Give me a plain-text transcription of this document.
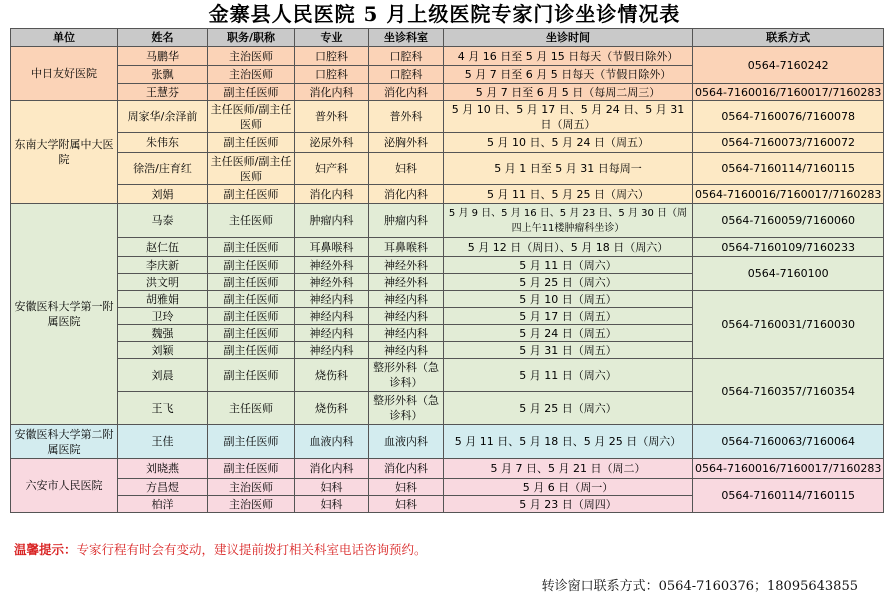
金寨县人民医院 5 月上级医院专家门诊坐诊情况表
单位	姓名	职务/职称	专业	坐诊科室	坐诊时间	联系方式
中日友好医院	马鹏华	主治医师	口腔科	口腔科	4 月 16 日至 5 月 15 日每天（节假日除外）	0564-7160242
	张飘	主治医师	口腔科	口腔科	5 月 7 日至 6 月 5 日每天（节假日除外）	
	王慧芬	副主任医师	消化内科	消化内科	5 月 7 日至 6 月 5 日（每周二周三）	0564-7160016/7160017/7160283
东南大学附属中大医院	周家华/余泽前	主任医师/副主任医师	普外科	普外科	5 月 10 日、5 月 17 日、5 月 24 日、5 月 31 日（周五）	0564-7160076/7160078
	朱伟东	副主任医师	泌尿外科	泌胸外科	5 月 10 日、5 月 24 日（周五）	0564-7160073/7160072
	徐浩/庄育红	主任医师/副主任医师	妇产科	妇科	5 月 1 日至 5 月 31 日每周一	0564-7160114/7160115
	刘娟	副主任医师	消化内科	消化内科	5 月 11 日、5 月 25 日（周六）	0564-7160016/7160017/7160283
安徽医科大学第一附属医院	马泰	主任医师	肿瘤内科	肿瘤内科	5 月 9 日、5 月 16 日、5 月 23 日、5 月 30 日（周四上午11楼肿瘤科坐诊）	0564-7160059/7160060
	赵仁伍	副主任医师	耳鼻喉科	耳鼻喉科	5 月 12 日（周日）、5 月 18 日（周六）	0564-7160109/7160233
	李庆新	副主任医师	神经外科	神经外科	5 月 11 日（周六）	0564-7160100
	洪文明	副主任医师	神经外科	神经外科	5 月 25 日（周六）	
	胡雅娟	副主任医师	神经内科	神经内科	5 月 10 日（周五）	0564-7160031/7160030
	卫玲	副主任医师	神经内科	神经内科	5 月 17 日（周五）	
	魏强	副主任医师	神经内科	神经内科	5 月 24 日（周五）	
	刘颖	副主任医师	神经内科	神经内科	5 月 31 日（周五）	
	刘晨	副主任医师	烧伤科	整形外科（急诊科）	5 月 11 日（周六）	0564-7160357/7160354
	王飞	主任医师	烧伤科	整形外科（急诊科）	5 月 25 日（周六）	
安徽医科大学第二附属医院	王佳	副主任医师	血液内科	血液内科	5 月 11 日、5 月 18 日、5 月 25 日（周六）	0564-7160063/7160064
六安市人民医院	刘晓燕	副主任医师	消化内科	消化内科	5 月 7 日、5 月 21 日（周二）	0564-7160016/7160017/7160283
	方昌煜	主治医师	妇科	妇科	5 月 6 日（周一）	0564-7160114/7160115
	柏洋	主治医师	妇科	妇科	5 月 23 日（周四）	
温馨提示：专家行程有时会有变动，建议提前拨打相关科室电话咨询预约。
转诊窗口联系方式：0564-7160376；18095643855
